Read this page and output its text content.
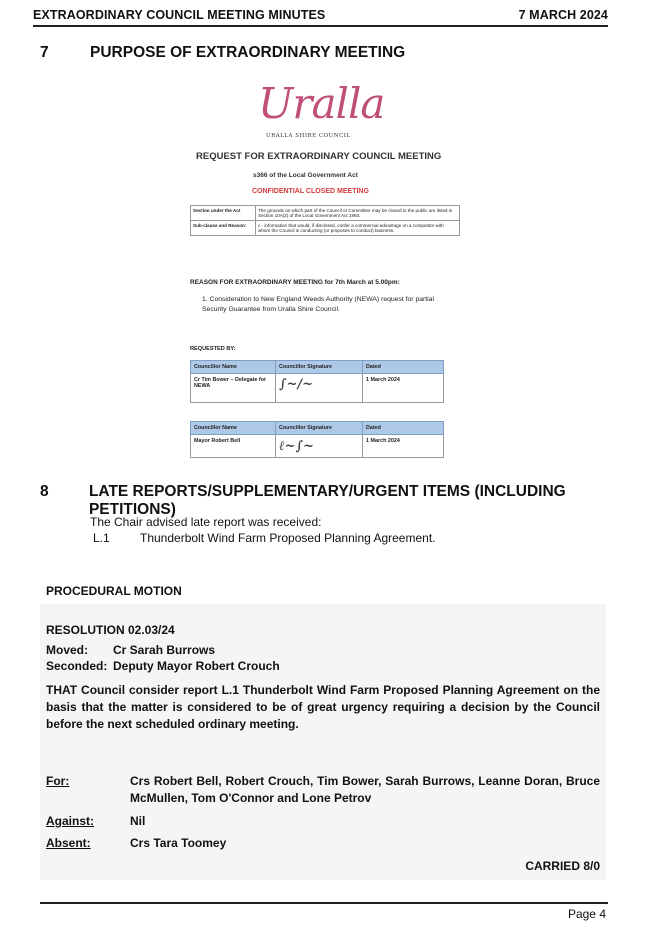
EXTRAORDINARY COUNCIL MEETING MINUTES	7 MARCH 2024
7	PURPOSE OF EXTRAORDINARY MEETING
Uralla
URALLA SHIRE COUNCIL
REQUEST FOR EXTRAORDINARY COUNCIL MEETING
s366 of the Local Government Act
CONFIDENTIAL CLOSED MEETING
Section under the Act	The grounds on which part of the Council or Committee may be closed to the public are listed in Section 10A(2) of the Local Government Act 1993.
Sub-clause and Reason:	c - information that would, if disclosed, confer a commercial advantage on a competitor with whom the Council is conducting (or proposes to conduct) business.
REASON FOR EXTRAORDINARY MEETING for 7th March at 5.00pm:
1. Consideration to New England Weeds Authority (NEWA) request for partial Security Guarantee from Uralla Shire Council.
REQUESTED BY:
Councillor Name	Councillor Signature	Dated
Cr Tim Bower – Delegate for NEWA	∫~∕~	1 March 2024
Councillor Name	Councillor Signature	Dated
Mayor Robert Bell	ℓ~∫~	1 March 2024
8	LATE REPORTS/SUPPLEMENTARY/URGENT ITEMS (INCLUDING PETITIONS)
The Chair advised late report was received:
L.1	Thunderbolt Wind Farm Proposed Planning Agreement.
PROCEDURAL MOTION
RESOLUTION 02.03/24
Moved:	Cr Sarah Burrows
Seconded: Deputy Mayor Robert Crouch
THAT Council consider report L.1 Thunderbolt Wind Farm Proposed Planning Agreement on the basis that the matter is considered to be of great urgency requiring a decision by the Council before the next scheduled ordinary meeting.
For:	Crs Robert Bell, Robert Crouch, Tim Bower, Sarah Burrows, Leanne Doran, Bruce McMullen, Tom O'Connor and Lone Petrov
Against:	Nil
Absent:	Crs Tara Toomey
CARRIED 8/0
Page 4
